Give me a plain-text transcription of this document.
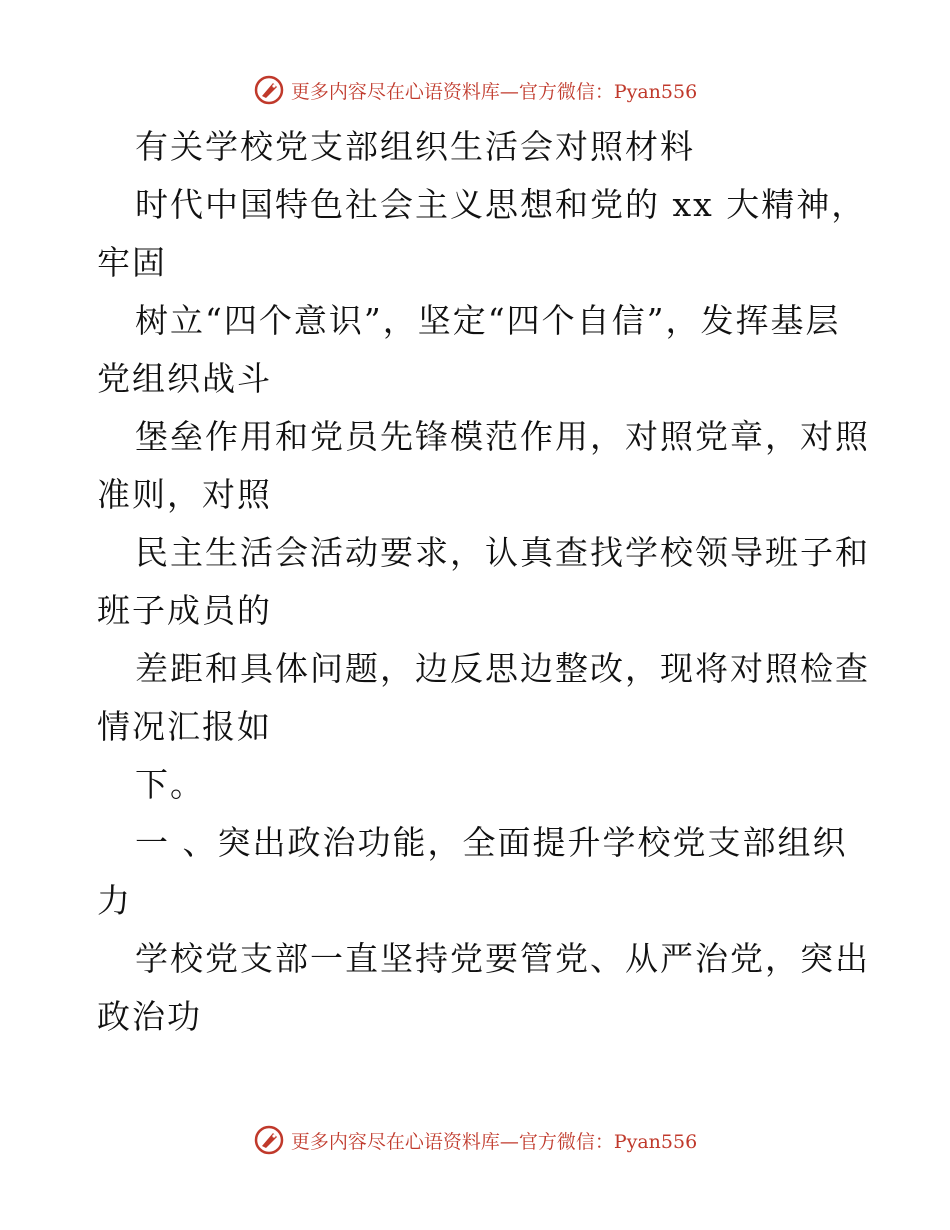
更多内容尽在心语资料库—官方微信：Pyan556
有关学校党支部组织生活会对照材料
时代中国特色社会主义思想和党的 xx 大精神，
牢固
树立“四个意识”，坚定“四个自信”，发挥基层
党组织战斗
堡垒作用和党员先锋模范作用，对照党章，对照
准则，对照
民主生活会活动要求，认真查找学校领导班子和
班子成员的
差距和具体问题，边反思边整改，现将对照检查
情况汇报如
下。
一 、突出政治功能，全面提升学校党支部组织
力
学校党支部一直坚持党要管党、从严治党，突出
政治功
更多内容尽在心语资料库—官方微信：Pyan556
